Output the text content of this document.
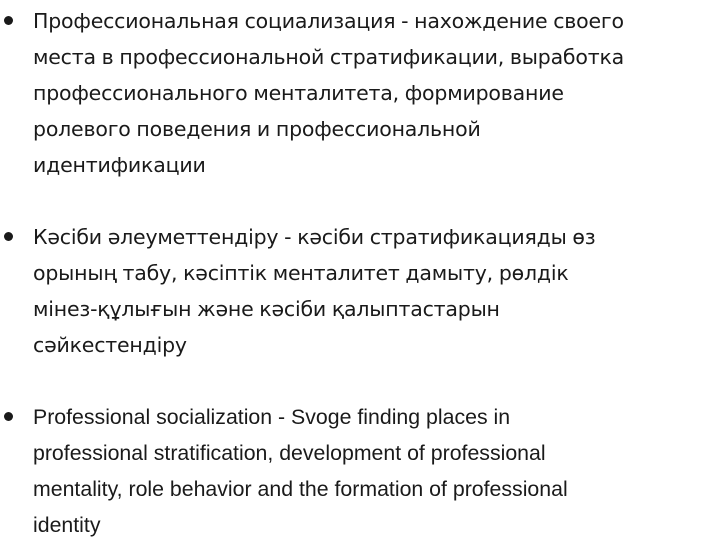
Профессиональная социализация - нахождение своего
места в профессиональной стратификации, выработка
профессионального менталитета, формирование
ролевого поведения и профессиональной
идентификации
Кәсіби әлеуметтендіру - кәсіби стратификацияды өз
орының табу, кәсіптік менталитет дамыту, рөлдік
мінез-құлығын және кәсіби қалыптастарын
сәйкестендіру
Professional socialization - Svoge finding places in
professional stratification, development of professional
mentality, role behavior and the formation of professional
identity
